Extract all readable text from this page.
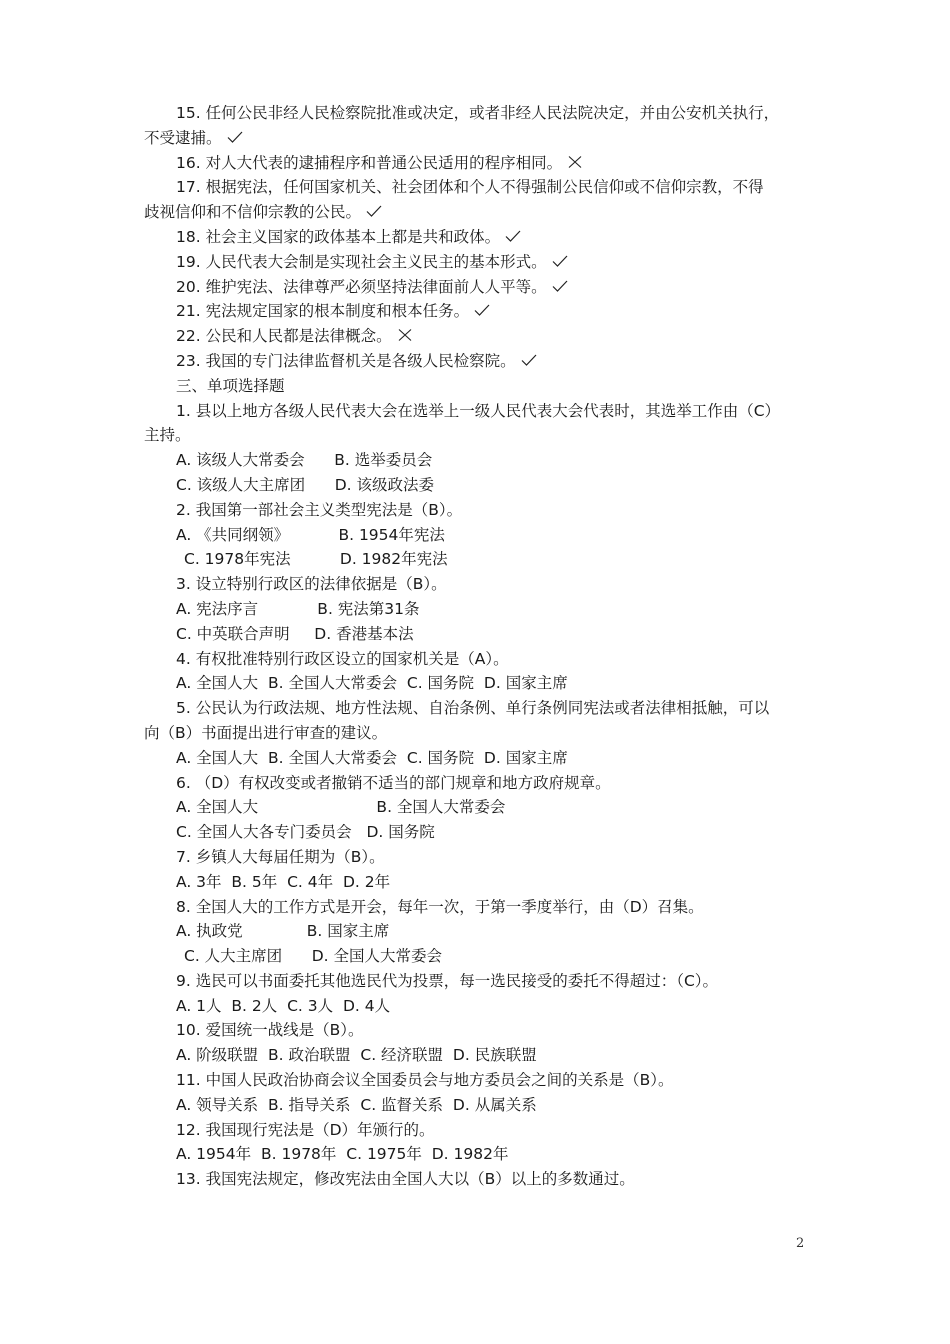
15. 任何公民非经人民检察院批准或决定，或者非经人民法院决定，并由公安机关执行，
不受逮捕。
16. 对人大代表的逮捕程序和普通公民适用的程序相同。
17. 根据宪法，任何国家机关、社会团体和个人不得强制公民信仰或不信仰宗教，不得
歧视信仰和不信仰宗教的公民。
18. 社会主义国家的政体基本上都是共和政体。
19. 人民代表大会制是实现社会主义民主的基本形式。
20. 维护宪法、法律尊严必须坚持法律面前人人平等。
21. 宪法规定国家的根本制度和根本任务。
22. 公民和人民都是法律概念。
23. 我国的专门法律监督机关是各级人民检察院。
三、单项选择题
1. 县以上地方各级人民代表大会在选举上一级人民代表大会代表时，其选举工作由（C）
主持。
A. 该级人大常委会      B. 选举委员会
C. 该级人大主席团      D. 该级政法委
2. 我国第一部社会主义类型宪法是（B）。
A. 《共同纲领》          B. 1954年宪法
C. 1978年宪法          D. 1982年宪法
3. 设立特别行政区的法律依据是（B）。
A. 宪法序言            B. 宪法第31条
C. 中英联合声明     D. 香港基本法
4. 有权批准特别行政区设立的国家机关是（A）。
A. 全国人大  B. 全国人大常委会  C. 国务院  D. 国家主席
5. 公民认为行政法规、地方性法规、自治条例、单行条例同宪法或者法律相抵触，可以
向（B）书面提出进行审查的建议。
A. 全国人大  B. 全国人大常委会  C. 国务院  D. 国家主席
6. （D）有权改变或者撤销不适当的部门规章和地方政府规章。
A. 全国人大                        B. 全国人大常委会
C. 全国人大各专门委员会   D. 国务院
7. 乡镇人大每届任期为（B）。
A. 3年  B. 5年  C. 4年  D. 2年
8. 全国人大的工作方式是开会，每年一次，于第一季度举行，由（D）召集。
A. 执政党             B. 国家主席
C. 人大主席团      D. 全国人大常委会
9. 选民可以书面委托其他选民代为投票，每一选民接受的委托不得超过：（C）。
A. 1人  B. 2人  C. 3人  D. 4人
10. 爱国统一战线是（B）。
A. 阶级联盟  B. 政治联盟  C. 经济联盟  D. 民族联盟
11. 中国人民政治协商会议全国委员会与地方委员会之间的关系是（B）。
A. 领导关系  B. 指导关系  C. 监督关系  D. 从属关系
12. 我国现行宪法是（D）年颁行的。
A. 1954年  B. 1978年  C. 1975年  D. 1982年
13. 我国宪法规定，修改宪法由全国人大以（B）以上的多数通过。
2
